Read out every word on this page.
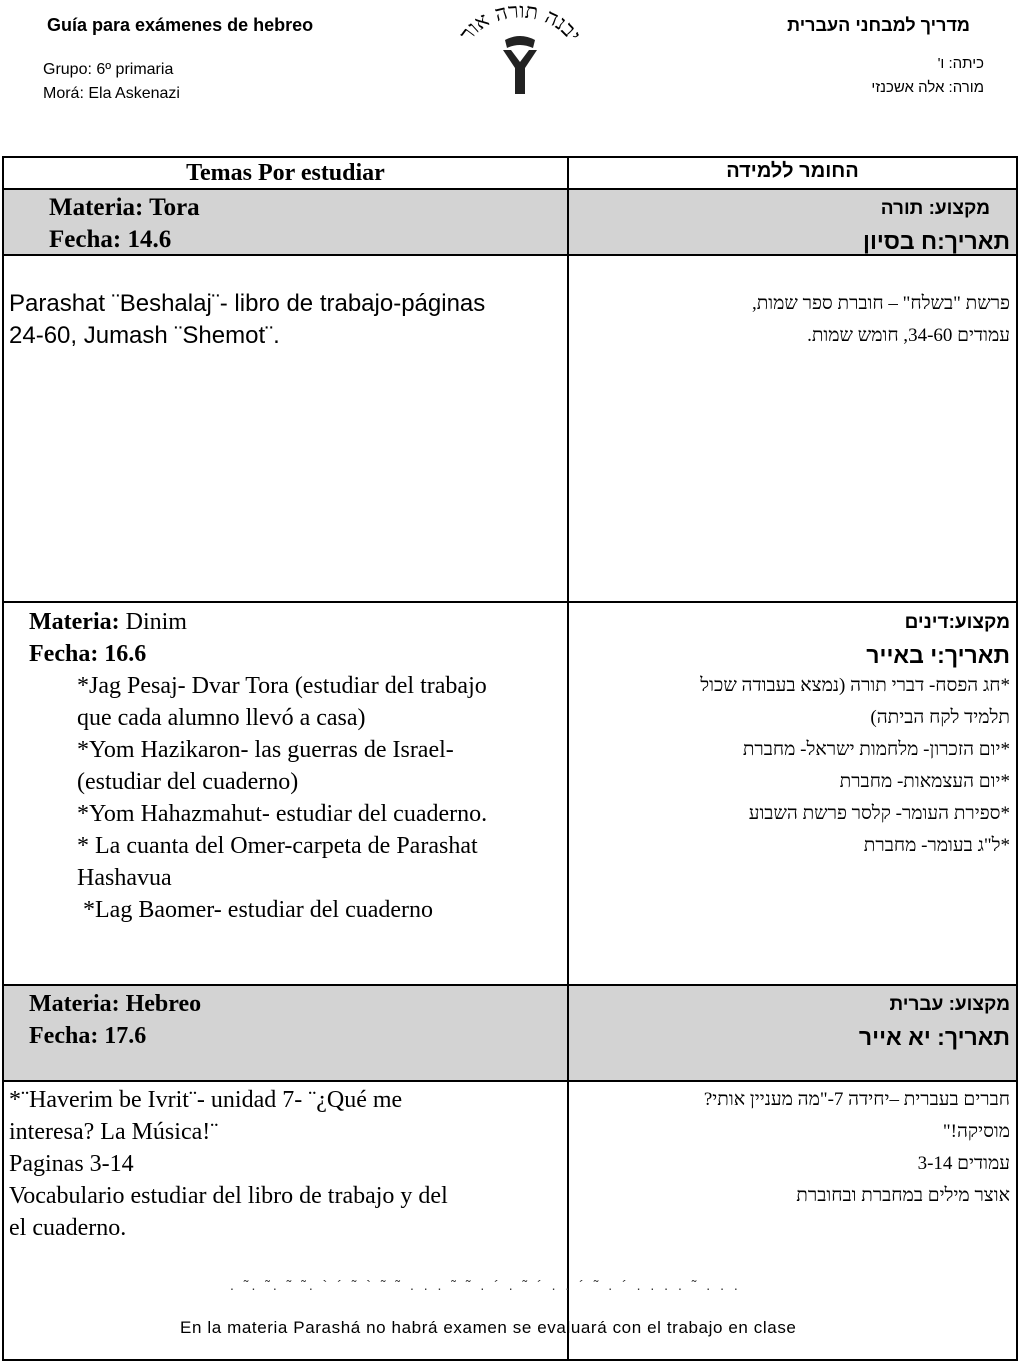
Guía para exámenes de hebreo
Grupo: 6º primaria
Morá: Ela Askenazi
מדריך למבחני העברית
כיתה: ו'
מורה: אלה אשכנזי
יבנה תורה אור
Temas Por estudiar	החומר ללמידה
Materia: Tora
Fecha: 14.6
מקצוע: תורה
תאריך:ח בסיון
Parashat ¨Beshalaj¨- libro de trabajo-páginas
24-60, Jumash ¨Shemot¨.
פרשת "בשלח" – חוברת ספר שמות,
עמודים 34-60, חומש שמות.
Materia: Dinim
Fecha: 16.6
מקצוע:דינים
תאריך:י באייר
*Jag Pesaj- Dvar Tora (estudiar del trabajo
que cada alumno llevó a casa)
*Yom Hazikaron- las guerras de Israel-
(estudiar del cuaderno)
*Yom Hahazmahut- estudiar del cuaderno.
* La cuanta del Omer-carpeta de Parashat
Hashavua
*Lag Baomer- estudiar del cuaderno
*חג הפסח- דברי תורה (נמצא בעבודה שכול
תלמיד לקח הביתה)
*יום הזכרון- מלחמות ישראל- מחברת
*יום העצמאות- מחברת
*ספירת העומר- קלסר פרשת השבוע
*ל"ג בעומר- מחברת
Materia: Hebreo
Fecha: 17.6
מקצוע: עברית
תאריך: יא אייר
*¨Haverim be Ivrit¨- unidad 7- ¨¿Qué me
interesa? La Música!¨
Paginas 3-14
Vocabulario estudiar del libro de trabajo y del
el cuaderno.
חברים בעברית –יחידה 7-"מה מעניין אותי?
מוסיקה!"
עמודים 3-14
אוצר מילים במחברת ובחוברת
. ˜. ˜. ˜ ˜. ` ´ ˜ ` ˜ ˜ . . . ˜ ˜ . ´ . ˜ ´ . . ´ ˜ . ´ . . . . ˜ . . .
En la materia Parashá no habrá examen se evaluará con el trabajo en clase
